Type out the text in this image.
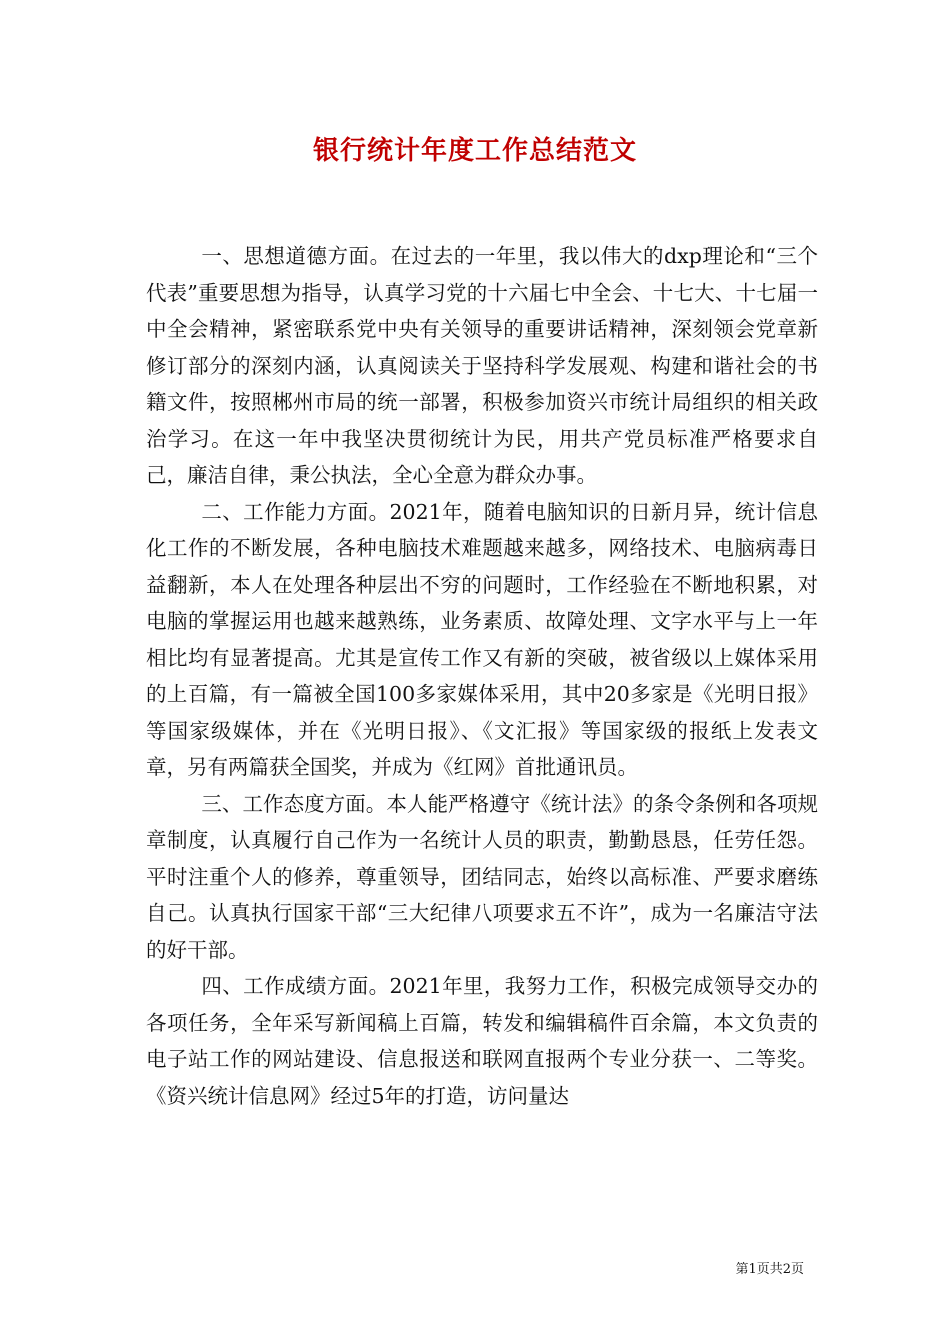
银行统计年度工作总结范文

一、思想道德方面。在过去的一年里，我以伟大的dxp理论和“三个代表”重要思想为指导，认真学习党的十六届七中全会、十七大、十七届一中全会精神，紧密联系党中央有关领导的重要讲话精神，深刻领会党章新修订部分的深刻内涵，认真阅读关于坚持科学发展观、构建和谐社会的书籍文件，按照郴州市局的统一部署，积极参加资兴市统计局组织的相关政治学习。在这一年中我坚决贯彻统计为民，用共产党员标准严格要求自己，廉洁自律，秉公执法，全心全意为群众办事。

二、工作能力方面。2021年，随着电脑知识的日新月异，统计信息化工作的不断发展，各种电脑技术难题越来越多，网络技术、电脑病毒日益翻新，本人在处理各种层出不穷的问题时，工作经验在不断地积累，对电脑的掌握运用也越来越熟练，业务素质、故障处理、文字水平与上一年相比均有显著提高。尤其是宣传工作又有新的突破，被省级以上媒体采用的上百篇，有一篇被全国100多家媒体采用，其中20多家是《光明日报》等国家级媒体，并在《光明日报》、《文汇报》等国家级的报纸上发表文章，另有两篇获全国奖，并成为《红网》首批通讯员。

三、工作态度方面。本人能严格遵守《统计法》的条令条例和各项规章制度，认真履行自己作为一名统计人员的职责，勤勤恳恳，任劳任怨。平时注重个人的修养，尊重领导，团结同志，始终以高标准、严要求磨练自己。认真执行国家干部“三大纪律八项要求五不许”，成为一名廉洁守法的好干部。

四、工作成绩方面。2021年里，我努力工作，积极完成领导交办的各项任务，全年采写新闻稿上百篇，转发和编辑稿件百余篇，本文负责的电子站工作的网站建设、信息报送和联网直报两个专业分获一、二等奖。《资兴统计信息网》经过5年的打造，访问量达

第1页共2页
